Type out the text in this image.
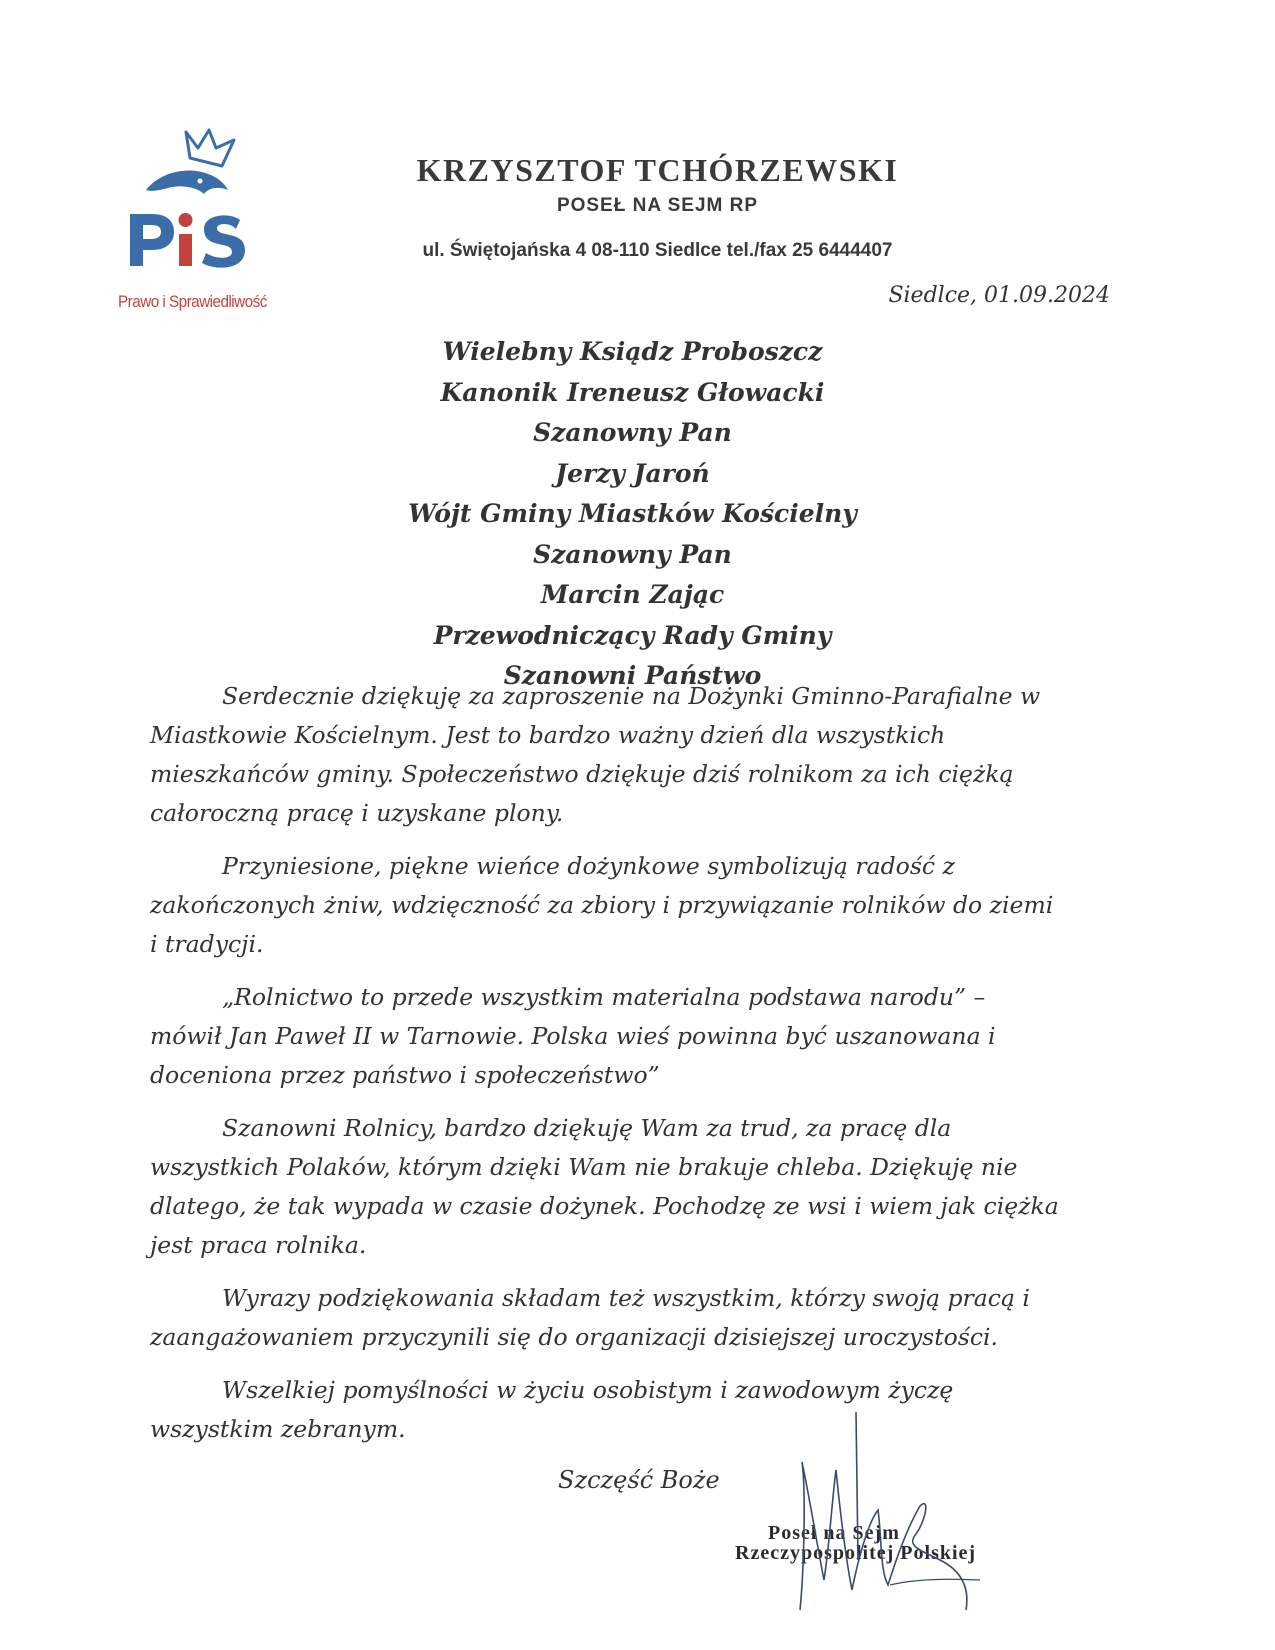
Prawo i Sprawiedliwość
KRZYSZTOF TCHÓRZEWSKI
POSEŁ NA SEJM RP
ul. Świętojańska 4 08-110 Siedlce tel./fax 25 6444407
Siedlce, 01.09.2024
Wielebny Ksiądz Proboszcz
Kanonik Ireneusz Głowacki
Szanowny Pan
Jerzy Jaroń
Wójt Gminy Miastków Kościelny
Szanowny Pan
Marcin Zając
Przewodniczący Rady Gminy
Szanowni Państwo

Serdecznie dziękuję za zaproszenie na Dożynki Gminno-Parafialne w Miastkowie Kościelnym. Jest to bardzo ważny dzień dla wszystkich mieszkańców gminy. Społeczeństwo dziękuje dziś rolnikom za ich ciężką całoroczną pracę i uzyskane plony.

Przyniesione, piękne wieńce dożynkowe symbolizują radość z zakończonych żniw, wdzięczność za zbiory i przywiązanie rolników do ziemi i tradycji.

„Rolnictwo to przede wszystkim materialna podstawa narodu” – mówił Jan Paweł II w Tarnowie. Polska wieś powinna być uszanowana i doceniona przez państwo i społeczeństwo”

Szanowni Rolnicy, bardzo dziękuję Wam za trud, za pracę dla wszystkich Polaków, którym dzięki Wam nie brakuje chleba. Dziękuję nie dlatego, że tak wypada w czasie dożynek. Pochodzę ze wsi i wiem jak ciężka jest praca rolnika.

Wyrazy podziękowania składam też wszystkim, którzy swoją pracą i zaangażowaniem przyczynili się do organizacji dzisiejszej uroczystości.

Wszelkiej pomyślności w życiu osobistym i zawodowym życzę wszystkim zebranym.

Szczęść Boże
Poseł na Sejm
Rzeczypospolitej Polskiej
